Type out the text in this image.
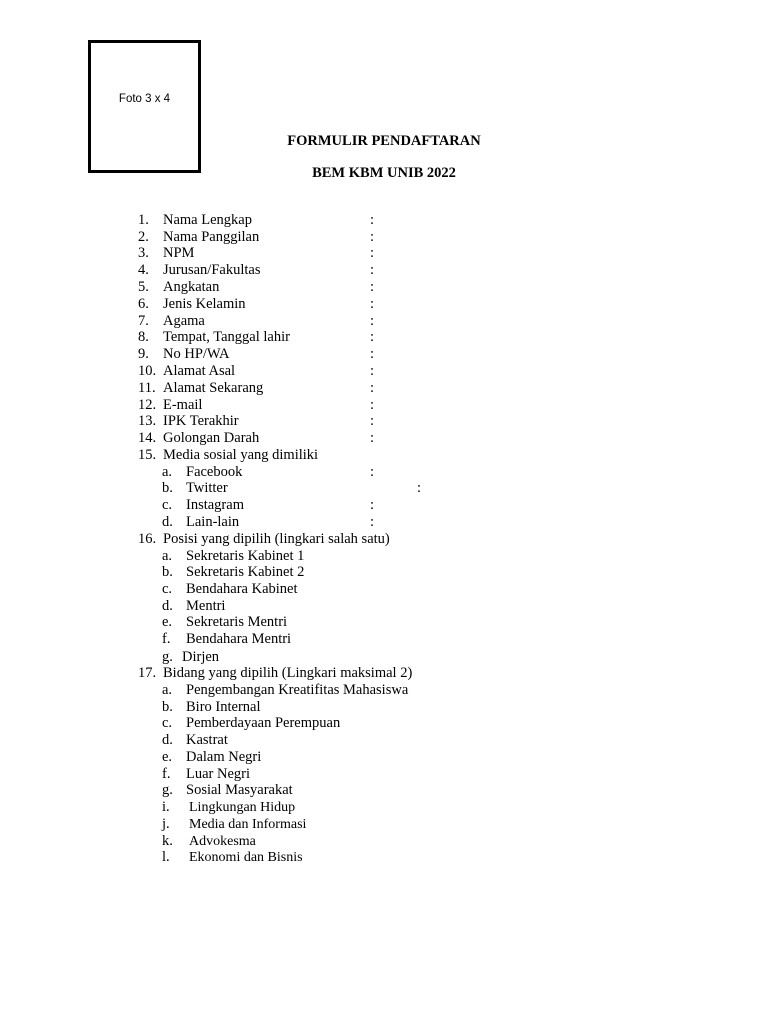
Foto 3 x 4
FORMULIR PENDAFTARAN
BEM KBM UNIB 2022
1. Nama Lengkap	:
2. Nama Panggilan	:
3. NPM	:
4. Jurusan/Fakultas	:
5. Angkatan	:
6. Jenis Kelamin	:
7. Agama	:
8. Tempat, Tanggal lahir	:
9. No HP/WA	:
10. Alamat Asal	:
11. Alamat Sekarang	:
12. E-mail	:
13. IPK Terakhir	:
14. Golongan Darah	:
15. Media sosial yang dimiliki
a. Facebook	:
b. Twitter	:
c. Instagram	:
d. Lain-lain	:
16. Posisi yang dipilih (lingkari salah satu)
a. Sekretaris Kabinet 1
b. Sekretaris Kabinet 2
c. Bendahara Kabinet
d. Mentri
e. Sekretaris Mentri
f. Bendahara Mentri
g. Dirjen
17. Bidang yang dipilih (Lingkari maksimal 2)
a. Pengembangan Kreatifitas Mahasiswa
b. Biro Internal
c. Pemberdayaan Perempuan
d. Kastrat
e. Dalam Negri
f. Luar Negri
g. Sosial Masyarakat
i. Lingkungan Hidup
j. Media dan Informasi
k. Advokesma
l. Ekonomi dan Bisnis
